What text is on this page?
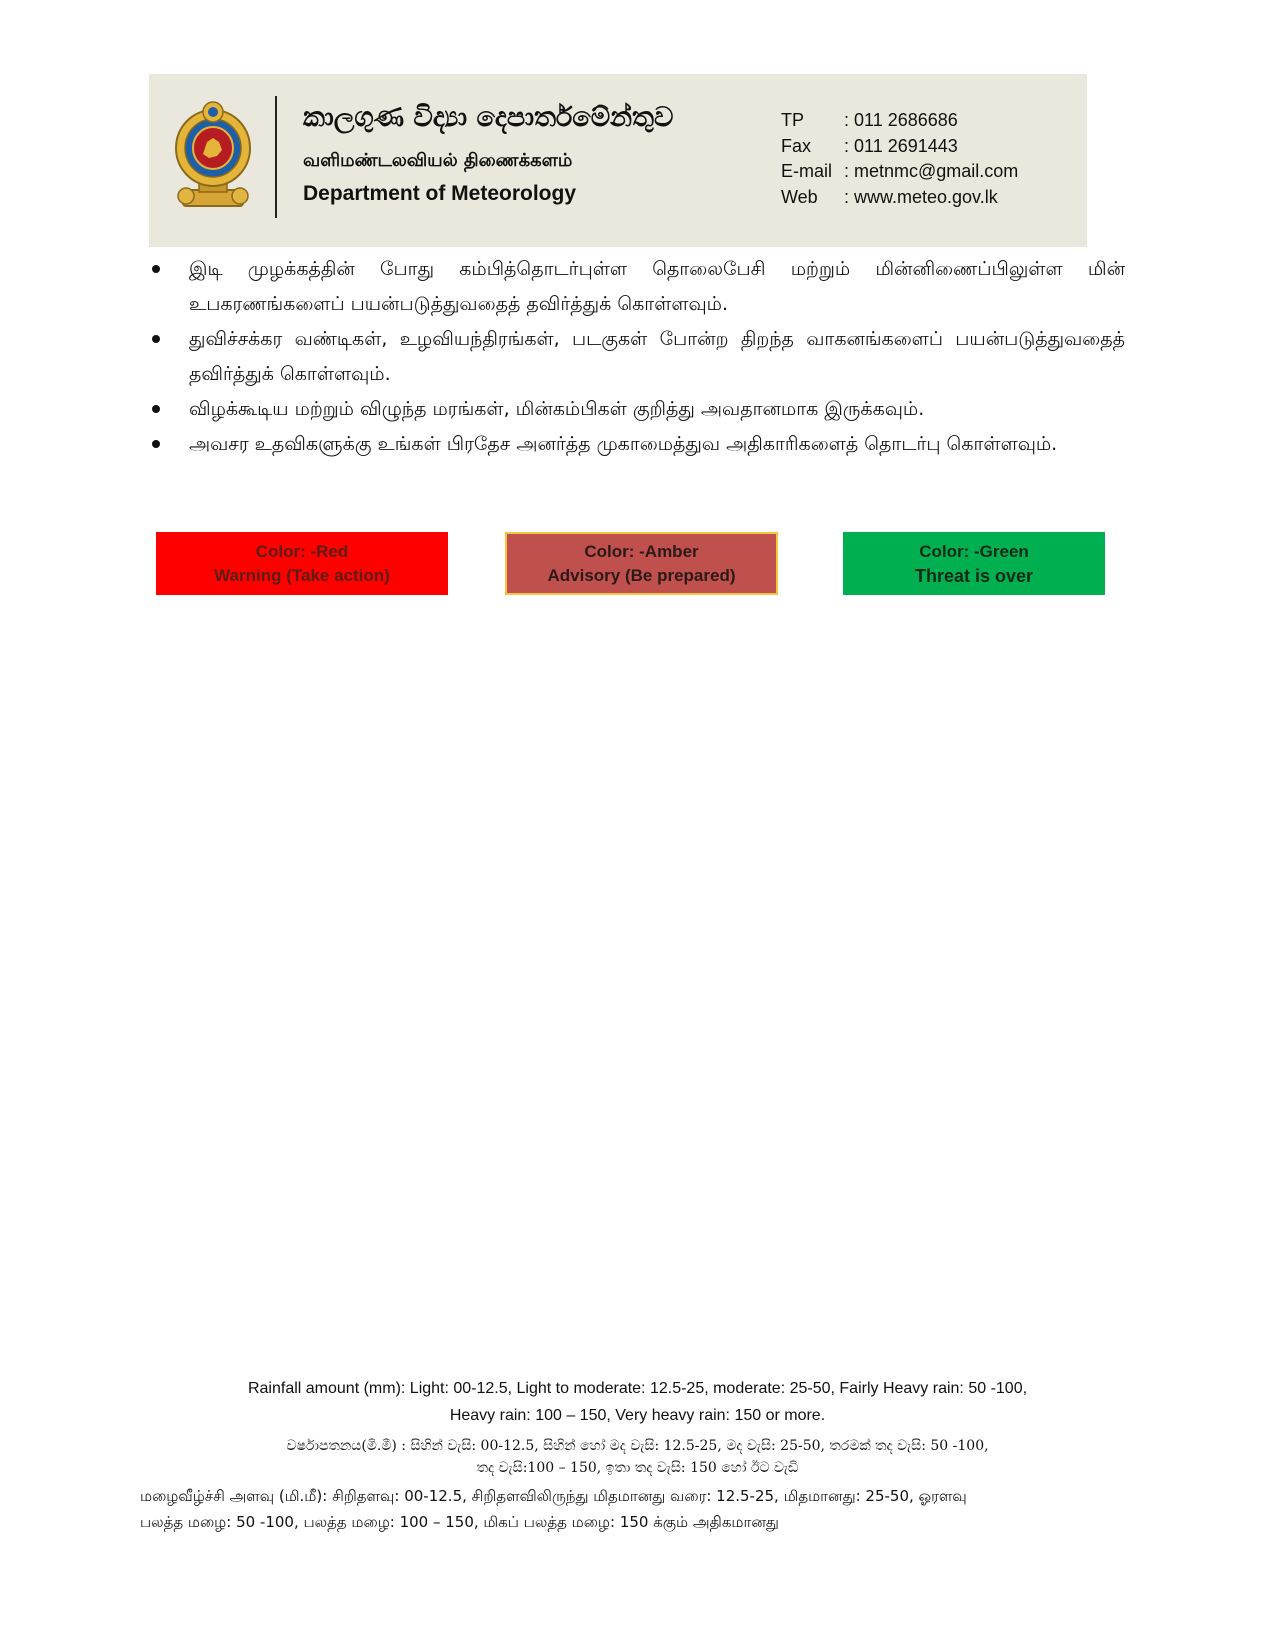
කාලගුණ විද්‍යා දෙපාර්තමේන්තුව
வளிமண்டலவியல் திணைக்களம்
Department of Meteorology
TP	: 011 2686686
Fax	: 011 2691443
E-mail : metnmc@gmail.com
Web	: www.meteo.gov.lk
இடி முழக்கத்தின் போது கம்பித்தொடர்புள்ள தொலைபேசி மற்றும் மின்னிணைப்பிலுள்ள மின் உபகரணங்களைப் பயன்படுத்துவதைத் தவிர்த்துக் கொள்ளவும்.
துவிச்சக்கர வண்டிகள், உழவியந்திரங்கள், படகுகள் போன்ற திறந்த வாகனங்களைப் பயன்படுத்துவதைத் தவிர்த்துக் கொள்ளவும்.
விழக்கூடிய மற்றும் விழுந்த மரங்கள், மின்கம்பிகள் குறித்து அவதானமாக இருக்கவும்.
அவசர உதவிகளுக்கு உங்கள் பிரதேச அனர்த்த முகாமைத்துவ அதிகாரிகளைத் தொடர்பு கொள்ளவும்.
Color: -Red
Warning (Take action)
Color: -Amber
Advisory (Be prepared)
Color: -Green
Threat is over
Rainfall amount (mm): Light: 00-12.5, Light to moderate: 12.5-25, moderate: 25-50, Fairly Heavy rain: 50 -100,
Heavy rain: 100 – 150, Very heavy rain: 150 or more.
වර්ෂාපතනය(මි.මී) : සිහින් වැසි: 00-12.5, සිහින් හෝ මද වැසි: 12.5-25, මද වැසි: 25-50, තරමක් තද වැසි: 50 -100,
තද වැසි:100 – 150, ඉතා තද වැසි: 150 හෝ ඊට වැඩි
மழைவீழ்ச்சி அளவு (மி.மீ): சிறிதளவு: 00-12.5, சிறிதளவிலிருந்து மிதமானது வரை: 12.5-25, மிதமானது: 25-50, ஓரளவு
பலத்த மழை: 50 -100, பலத்த மழை: 100 – 150, மிகப் பலத்த மழை: 150 க்கும் அதிகமானது
